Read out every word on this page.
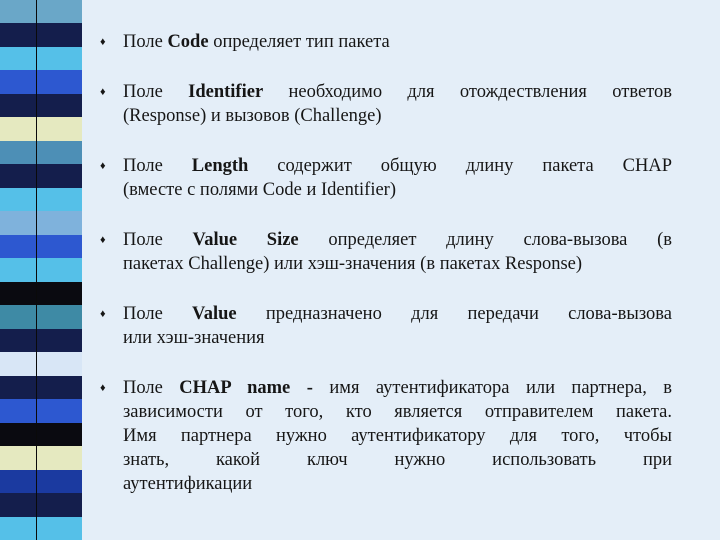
♦ Поле Code определяет тип пакета
♦ Поле Identifier необходимо для отождествления ответов
(Response) и вызовов (Challenge)
♦ Поле Length содержит общую длину пакета CHAP
(вместе с полями Code и Identifier)
♦ Поле Value Size определяет длину слова-вызова (в
пакетах Challenge) или хэш-значения (в пакетах Response)
♦ Поле Value предназначено для передачи слова-вызова
или хэш-значения
♦ Поле CHAP name - имя аутентификатора или партнера, в
зависимости от того, кто является отправителем пакета.
Имя партнера нужно аутентификатору для того, чтобы
знать, какой ключ нужно использовать при
аутентификации
